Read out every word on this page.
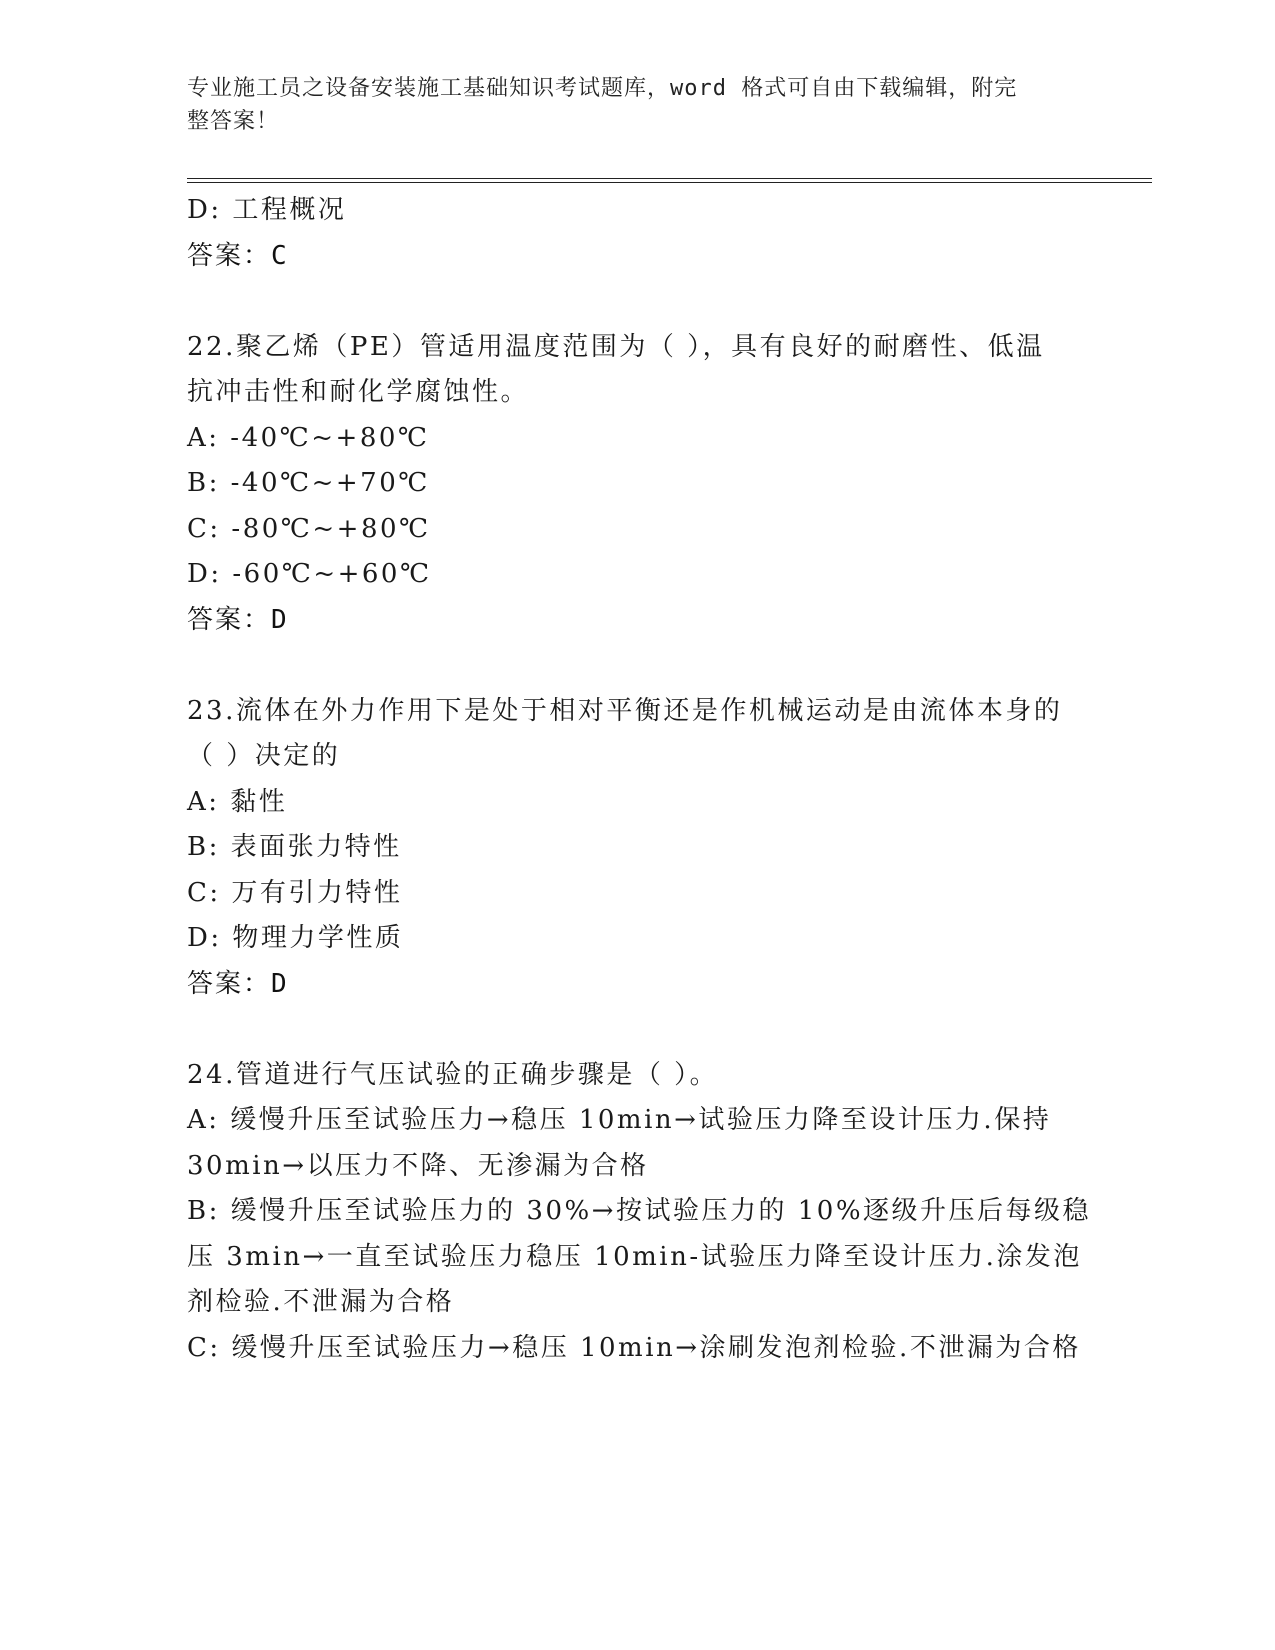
专业施工员之设备安装施工基础知识考试题库，word 格式可自由下载编辑，附完
整答案！
D: 工程概况
答案：C
22.聚乙烯（PE）管适用温度范围为（ ），具有良好的耐磨性、低温
抗冲击性和耐化学腐蚀性。
A: -40℃~+80℃
B: -40℃~+70℃
C: -80℃~+80℃
D: -60℃~+60℃
答案：D
23.流体在外力作用下是处于相对平衡还是作机械运动是由流体本身的
（ ）决定的
A: 黏性
B: 表面张力特性
C: 万有引力特性
D: 物理力学性质
答案：D
24.管道进行气压试验的正确步骤是（ ）。
A: 缓慢升压至试验压力→稳压 10min→试验压力降至设计压力.保持
30min→以压力不降、无渗漏为合格
B: 缓慢升压至试验压力的 30%→按试验压力的 10%逐级升压后每级稳
压 3min→一直至试验压力稳压 10min-试验压力降至设计压力.涂发泡
剂检验.不泄漏为合格
C: 缓慢升压至试验压力→稳压 10min→涂刷发泡剂检验.不泄漏为合格
